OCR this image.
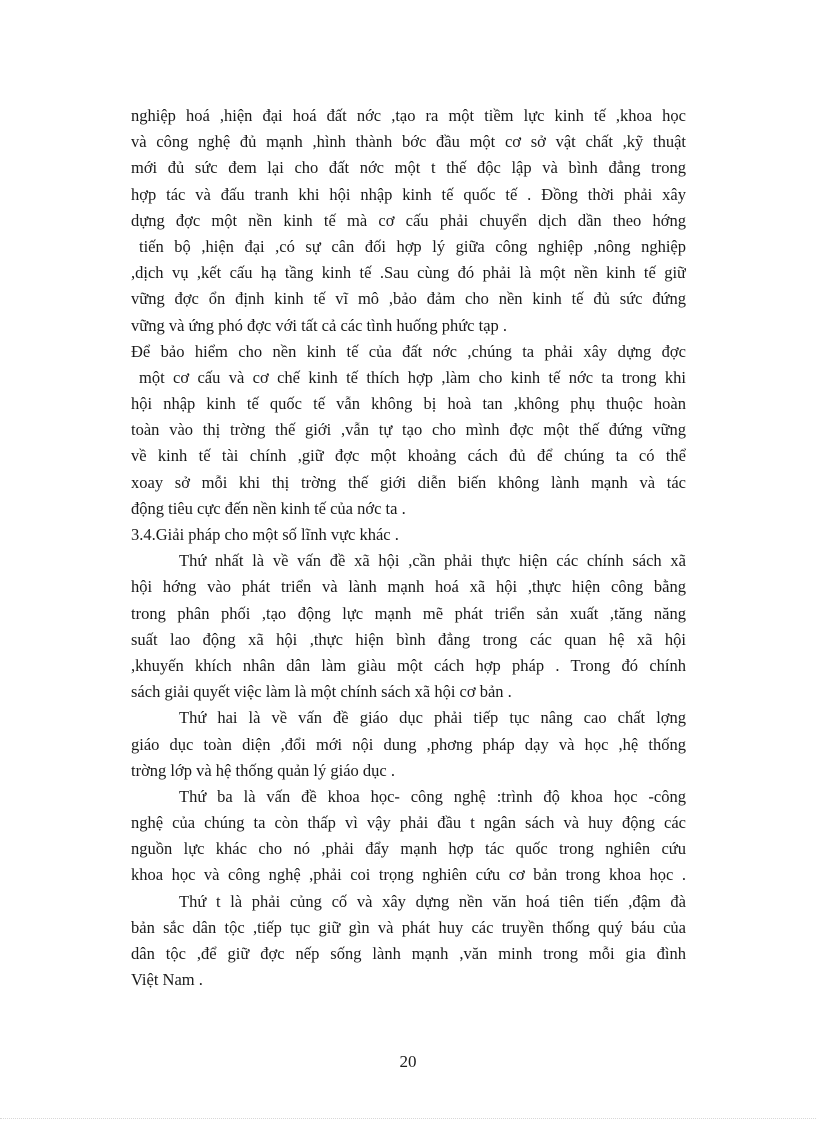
nghiệp hoá ,hiện đại hoá đất nớc ,tạo ra một tiềm lực kinh tế ,khoa học
và công nghệ đủ mạnh ,hình thành bớc đầu một cơ sở vật chất ,kỹ thuật
mới đủ sức đem lại cho đất nớc một t thế độc lập và bình đẳng trong
hợp tác và đấu tranh khi hội nhập kinh tế quốc tế . Đồng thời phải xây
dựng đợc một nền kinh tế mà cơ cấu phải chuyển dịch dần theo hớng
tiến bộ ,hiện đại ,có sự cân đối hợp lý giữa công nghiệp ,nông nghiệp
,dịch vụ ,kết cấu hạ tầng kinh tế .Sau cùng đó phải là một nền kinh tế giữ
vững đợc ổn định kinh tế vĩ mô ,bảo đảm cho nền kinh tế đủ sức đứng
vững và ứng phó đợc với tất cả các tình huống phức tạp .
Để bảo hiểm cho nền kinh tế của đất nớc ,chúng ta phải xây dựng đợc
một cơ cấu và cơ chế kinh tế thích hợp ,làm cho kinh tế nớc ta trong khi
hội nhập kinh tế quốc tế vẫn không bị hoà tan ,không phụ thuộc hoàn
toàn vào thị trờng thế giới ,vẫn tự tạo cho mình đợc một thế đứng vững
về kinh tế tài chính ,giữ đợc một khoảng cách đủ để chúng ta có thể
xoay sở mỗi khi thị trờng thế giới diễn biến không lành mạnh và tác
động tiêu cực đến nền kinh tế của nớc ta .
3.4.Giải pháp cho một số lĩnh vực khác .
Thứ nhất là về vấn đề xã hội ,cần phải thực hiện các chính sách xã
hội hớng vào phát triển và lành mạnh hoá xã hội ,thực hiện công bằng
trong phân phối ,tạo động lực mạnh mẽ phát triển sản xuất ,tăng năng
suất lao động xã hội ,thực hiện bình đẳng trong các quan hệ xã hội
,khuyến khích nhân dân làm giàu một cách hợp pháp . Trong đó chính
sách giải quyết việc làm là một chính sách xã hội cơ bản .
Thứ hai là về vấn đề giáo dục phải tiếp tục nâng cao chất lợng
giáo dục toàn diện ,đổi mới nội dung ,phơng pháp dạy và học ,hệ thống
trờng lớp và hệ thống quản lý giáo dục .
Thứ ba là vấn đề khoa học- công nghệ :trình độ khoa học -công
nghệ của chúng ta còn thấp vì vậy phải đầu t ngân sách và huy động các
nguồn lực khác cho nó ,phải đẩy mạnh hợp tác quốc trong nghiên cứu
khoa học và công nghệ ,phải coi trọng nghiên cứu cơ bản trong khoa học .
Thứ t là phải củng cố và xây dựng nền văn hoá tiên tiến ,đậm đà
bản sắc dân tộc ,tiếp tục giữ gìn và phát huy các truyền thống quý báu của
dân tộc ,để giữ đợc nếp sống lành mạnh ,văn minh trong mỗi gia đình
Việt Nam .
20
